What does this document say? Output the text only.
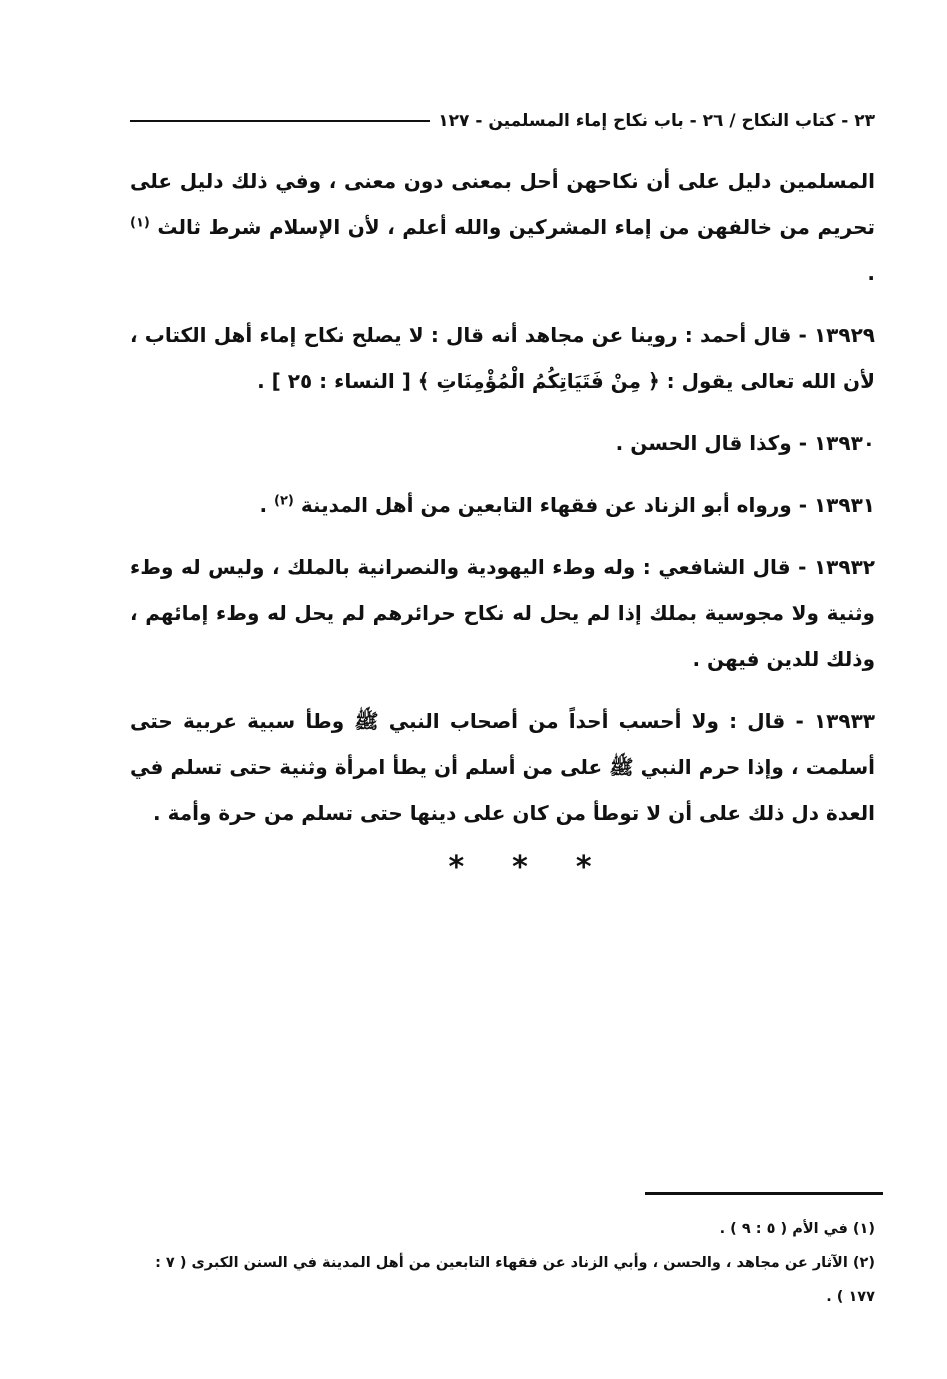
٢٣ - كتاب النكاح / ٢٦ - باب نكاح إماء المسلمين - ١٢٧

المسلمين دليل على أن نكاحهن أحل بمعنى دون معنى ، وفي ذلك دليل على تحريم من خالفهن من إماء المشركين والله أعلم ، لأن الإسلام شرط ثالث $^{(١)}$ .

١٣٩٢٩ - قال أحمد : روينا عن مجاهد أنه قال : لا يصلح نكاح إماء أهل الكتاب ، لأن الله تعالى يقول : ﴿ مِنْ فَتَيَاتِكُمُ الْمُؤْمِنَاتِ ﴾ [ النساء : ٢٥ ] .

١٣٩٣٠ - وكذا قال الحسن .

١٣٩٣١ - ورواه أبو الزناد عن فقهاء التابعين من أهل المدينة $^{(٢)}$ .

١٣٩٣٢ - قال الشافعي : وله وطء اليهودية والنصرانية بالملك ، وليس له وطء وثنية ولا مجوسية بملك إذا لم يحل له نكاح حرائرهم لم يحل له وطء إمائهم ، وذلك للدين فيهن .

١٣٩٣٣ - قال : ولا أحسب أحداً من أصحاب النبي ﷺ وطأ سبية عربية حتى أسلمت ، وإذا حرم النبي ﷺ على من أسلم أن يطأ امرأة وثنية حتى تسلم في العدة دل ذلك على أن لا توطأ من كان على دينها حتى تسلم من حرة وأمة .

*
*
*

(١) في الأم ( ٥ : ٩ ) .

(٢) الآثار عن مجاهد ، والحسن ، وأبي الزناد عن فقهاء التابعين من أهل المدينة في السنن الكبرى ( ٧ : ١٧٧ ) .
